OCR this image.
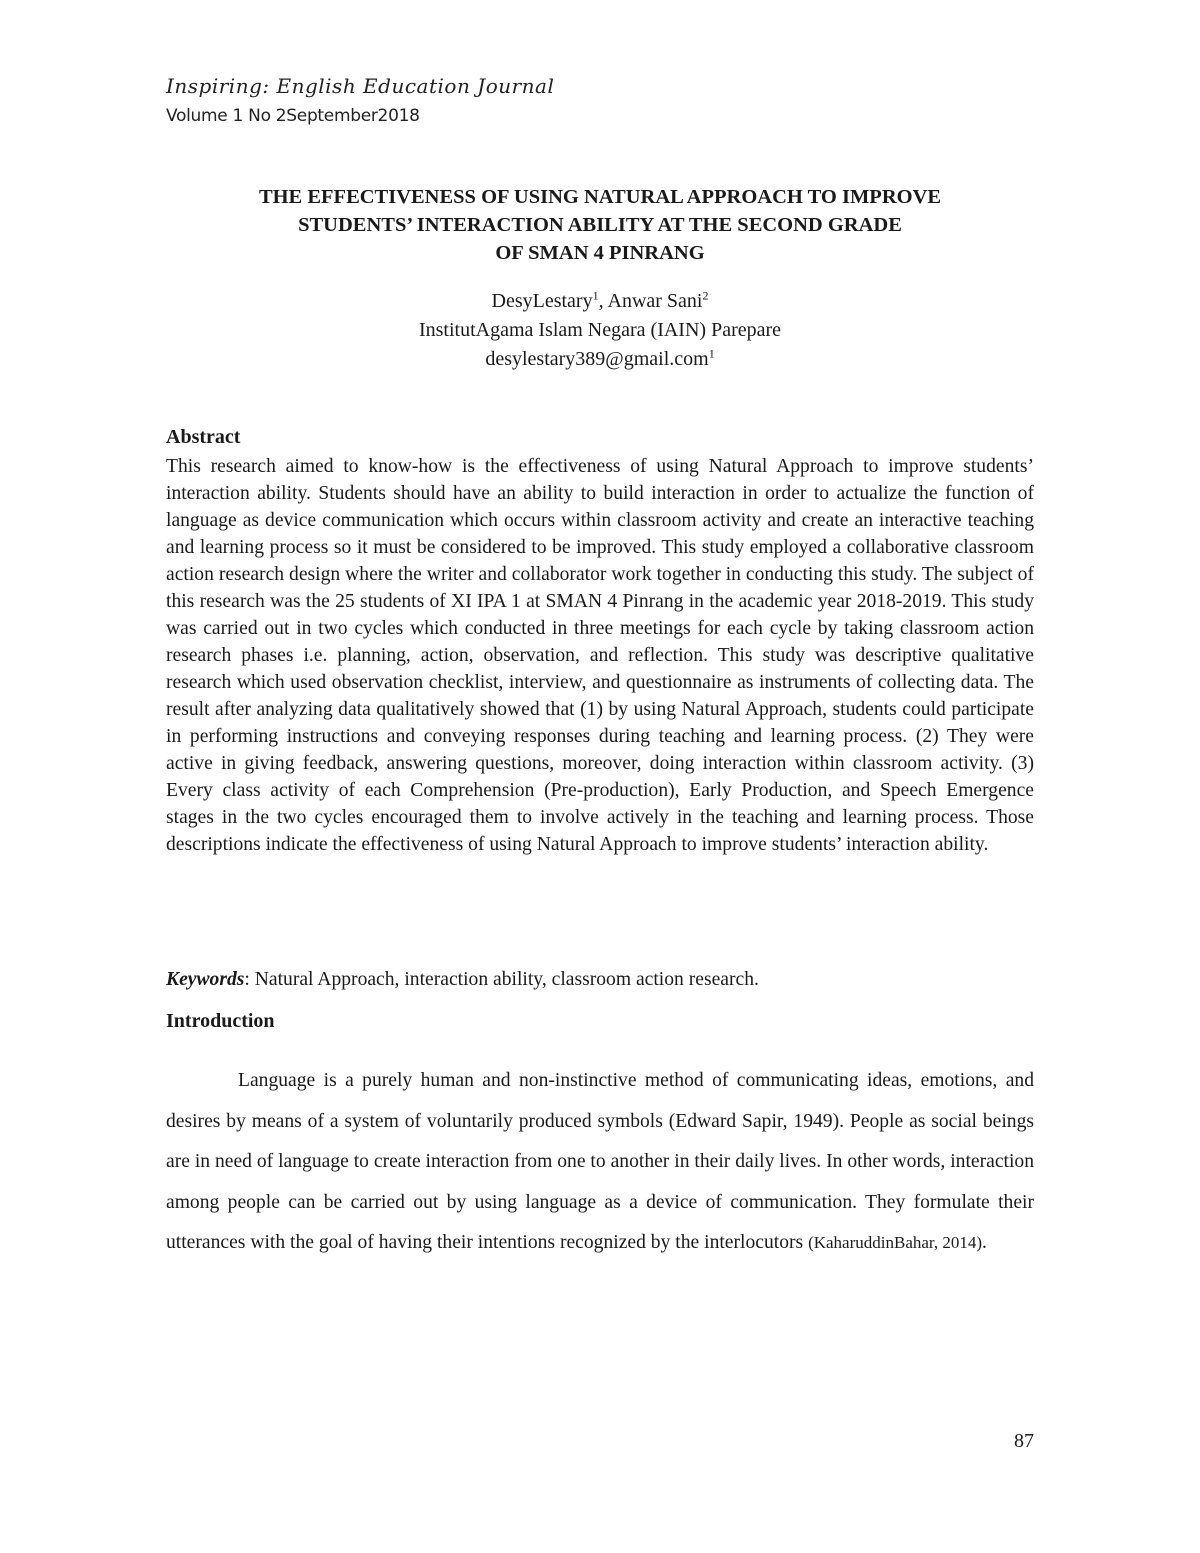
Inspiring: English Education Journal
Volume 1 No 2September2018
THE EFFECTIVENESS OF USING NATURAL APPROACH TO IMPROVE
STUDENTS’ INTERACTION ABILITY AT THE SECOND GRADE
OF SMAN 4 PINRANG
DesyLestary$^1$, Anwar Sani$^2$
InstitutAgama Islam Negara (IAIN) Parepare
desylestary389@gmail.com$^1$
Abstract
This research aimed to know-how is the effectiveness of using Natural Approach to improve students’ interaction ability. Students should have an ability to build interaction in order to actualize the function of language as device communication which occurs within classroom activity and create an interactive teaching and learning process so it must be considered to be improved. This study employed a collaborative classroom action research design where the writer and collaborator work together in conducting this study. The subject of this research was the 25 students of XI IPA 1 at SMAN 4 Pinrang in the academic year 2018-2019. This study was carried out in two cycles which conducted in three meetings for each cycle by taking classroom action research phases i.e. planning, action, observation, and reflection. This study was descriptive qualitative research which used observation checklist, interview, and questionnaire as instruments of collecting data. The result after analyzing data qualitatively showed that (1) by using Natural Approach, students could participate in performing instructions and conveying responses during teaching and learning process. (2) They were active in giving feedback, answering questions, moreover, doing interaction within classroom activity. (3) Every class activity of each Comprehension (Pre-production), Early Production, and Speech Emergence stages in the two cycles encouraged them to involve actively in the teaching and learning process. Those descriptions indicate the effectiveness of using Natural Approach to improve students’ interaction ability.
Keywords: Natural Approach, interaction ability, classroom action research.
Introduction
Language is a purely human and non-instinctive method of communicating ideas, emotions, and desires by means of a system of voluntarily produced symbols (Edward Sapir, 1949). People as social beings are in need of language to create interaction from one to another in their daily lives. In other words, interaction among people can be carried out by using language as a device of communication. They formulate their utterances with the goal of having their intentions recognized by the interlocutors (KaharuddinBahar, 2014).
87
